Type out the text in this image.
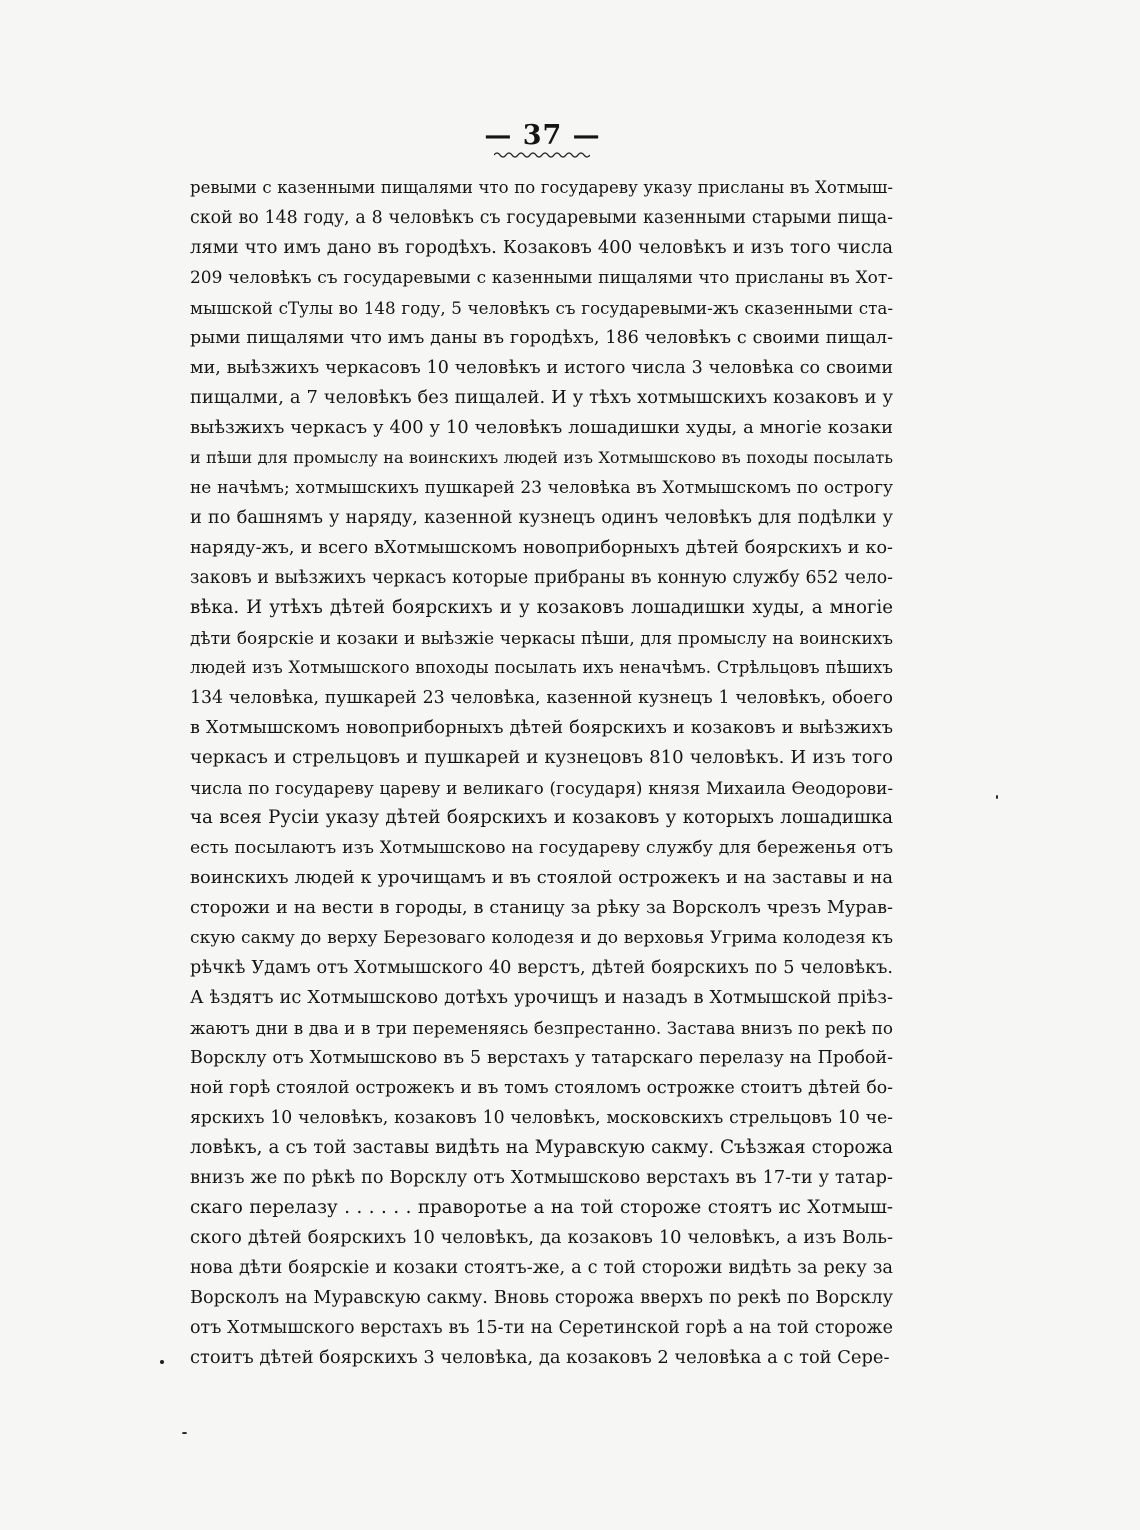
— 37 —
ревыми с казенными пищалями что по государеву указу присланы въ Хотмыш-
ской во 148 году, а 8 человѣкъ съ государевыми казенными старыми пища-
лями что имъ дано въ городѣхъ. Козаковъ 400 человѣкъ и изъ того числа
209 человѣкъ съ государевыми с казенными пищалями что присланы въ Хот-
мышской сТулы во 148 году, 5 человѣкъ съ государевыми-жъ сказенными ста-
рыми пищалями что имъ даны въ городѣхъ, 186 человѣкъ с своими пищал-
ми, выѣзжихъ черкасовъ 10 человѣкъ и истого числа 3 человѣка со своими
пищалми, а 7 человѣкъ без пищалей. И у тѣхъ хотмышскихъ козаковъ и у
выѣзжихъ черкасъ у 400 у 10 человѣкъ лошадишки худы, а многіе козаки
и пѣши для промыслу на воинскихъ людей изъ Хотмышсково въ походы посылать
не начѣмъ; хотмышскихъ пушкарей 23 человѣка въ Хотмышскомъ по острогу
и по башнямъ у наряду, казенной кузнецъ одинъ человѣкъ для подѣлки у
наряду-жъ, и всего вХотмышскомъ новоприборныхъ дѣтей боярскихъ и ко-
заковъ и выѣзжихъ черкасъ которые прибраны въ конную службу 652 чело-
вѣка. И утѣхъ дѣтей боярскихъ и у козаковъ лошадишки худы, а многіе
дѣти боярскіе и козаки и выѣзжіе черкасы пѣши, для промыслу на воинскихъ
людей изъ Хотмышского впоходы посылать ихъ неначѣмъ. Стрѣльцовъ пѣшихъ
134 человѣка, пушкарей 23 человѣка, казенной кузнецъ 1 человѣкъ, обоего
в Хотмышскомъ новоприборныхъ дѣтей боярскихъ и козаковъ и выѣзжихъ
черкасъ и стрельцовъ и пушкарей и кузнецовъ 810 человѣкъ. И изъ того
числа по государеву цареву и великаго (государя) князя Михаила Ѳеодорови-
ча всея Русіи указу дѣтей боярскихъ и козаковъ у которыхъ лошадишка
есть посылаютъ изъ Хотмышсково на государеву службу для береженья отъ
воинскихъ людей к урочищамъ и въ стоялой острожекъ и на заставы и на
сторожи и на вести в городы, в станицу за рѣку за Ворсколъ чрезъ Мурав-
скую сакму до верху Березоваго колодезя и до верховья Угрима колодезя къ
рѣчкѣ Удамъ отъ Хотмышского 40 верстъ, дѣтей боярскихъ по 5 человѣкъ.
А ѣздятъ ис Хотмышсково дотѣхъ урочищъ и назадъ в Хотмышской пріѣз-
жаютъ дни в два и в три переменяясь безпрестанно. Застава внизъ по рекѣ по
Ворсклу отъ Хотмышсково въ 5 верстахъ у татарскаго перелазу на Пробой-
ной горѣ стоялой острожекъ и въ томъ стояломъ острожке стоитъ дѣтей бо-
ярскихъ 10 человѣкъ, козаковъ 10 человѣкъ, московскихъ стрельцовъ 10 че-
ловѣкъ, а съ той заставы видѣть на Муравскую сакму. Съѣзжая сторожа
внизъ же по рѣкѣ по Ворсклу отъ Хотмышсково верстахъ въ 17-ти у татар-
скаго перелазу . . . . . . праворотье а на той стороже стоятъ ис Хотмыш-
ского дѣтей боярскихъ 10 человѣкъ, да козаковъ 10 человѣкъ, а изъ Воль-
нова дѣти боярскіе и козаки стоятъ-же, а с той сторожи видѣть за реку за
Ворсколъ на Муравскую сакму. Вновь сторожа вверхъ по рекѣ по Ворсклу
отъ Хотмышского верстахъ въ 15-ти на Серетинской горѣ а на той стороже
стоитъ дѣтей боярскихъ 3 человѣка, да козаковъ 2 человѣка а с той Сере-
